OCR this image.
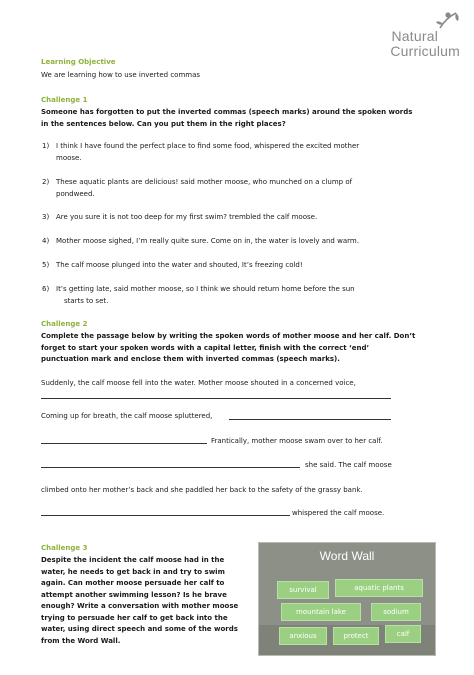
Natural
Curriculum
Learning Objective
We are learning how to use inverted commas
Challenge 1
Someone has forgotten to put the inverted commas (speech marks) around the spoken words
in the sentences below. Can you put them in the right places?
1) I think I have found the perfect place to find some food, whispered the excited mother
moose.
2) These aquatic plants are delicious! said mother moose, who munched on a clump of
pondweed.
3) Are you sure it is not too deep for my first swim? trembled the calf moose.
4) Mother moose sighed, I’m really quite sure. Come on in, the water is lovely and warm.
5) The calf moose plunged into the water and shouted, It’s freezing cold!
6) It’s getting late, said mother moose, so I think we should return home before the sun
starts to set.
Challenge 2
Complete the passage below by writing the spoken words of mother moose and her calf. Don’t
forget to start your spoken words with a capital letter, finish with the correct ‘end’
punctuation mark and enclose them with inverted commas (speech marks).
Suddenly, the calf moose fell into the water. Mother moose shouted in a concerned voice,
Coming up for breath, the calf moose spluttered,
Frantically, mother moose swam over to her calf.
she said. The calf moose
climbed onto her mother’s back and she paddled her back to the safety of the grassy bank.
whispered the calf moose.
Challenge 3
Despite the incident the calf moose had in the
water, he needs to get back in and try to swim
again. Can mother moose persuade her calf to
attempt another swimming lesson? Is he brave
enough? Write a conversation with mother moose
trying to persuade her calf to get back into the
water, using direct speech and some of the words
from the Word Wall.
Word Wall
survival	aquatic plants
mountain lake	sodium
anxious	protect	calf
